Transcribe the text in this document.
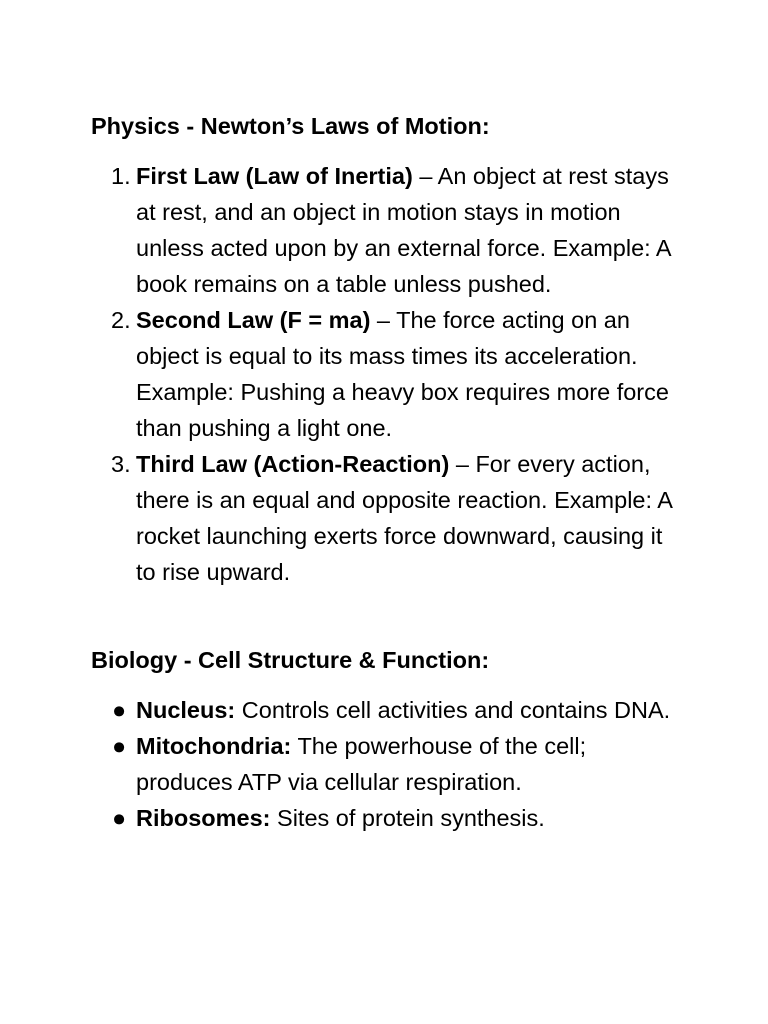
Physics - Newton’s Laws of Motion:
1. First Law (Law of Inertia) – An object at rest stays at rest, and an object in motion stays in motion unless acted upon by an external force. Example: A book remains on a table unless pushed.
2. Second Law (F = ma) – The force acting on an object is equal to its mass times its acceleration. Example: Pushing a heavy box requires more force than pushing a light one.
3. Third Law (Action-Reaction) – For every action, there is an equal and opposite reaction. Example: A rocket launching exerts force downward, causing it to rise upward.
Biology - Cell Structure & Function:
● Nucleus: Controls cell activities and contains DNA.
● Mitochondria: The powerhouse of the cell; produces ATP via cellular respiration.
● Ribosomes: Sites of protein synthesis.
